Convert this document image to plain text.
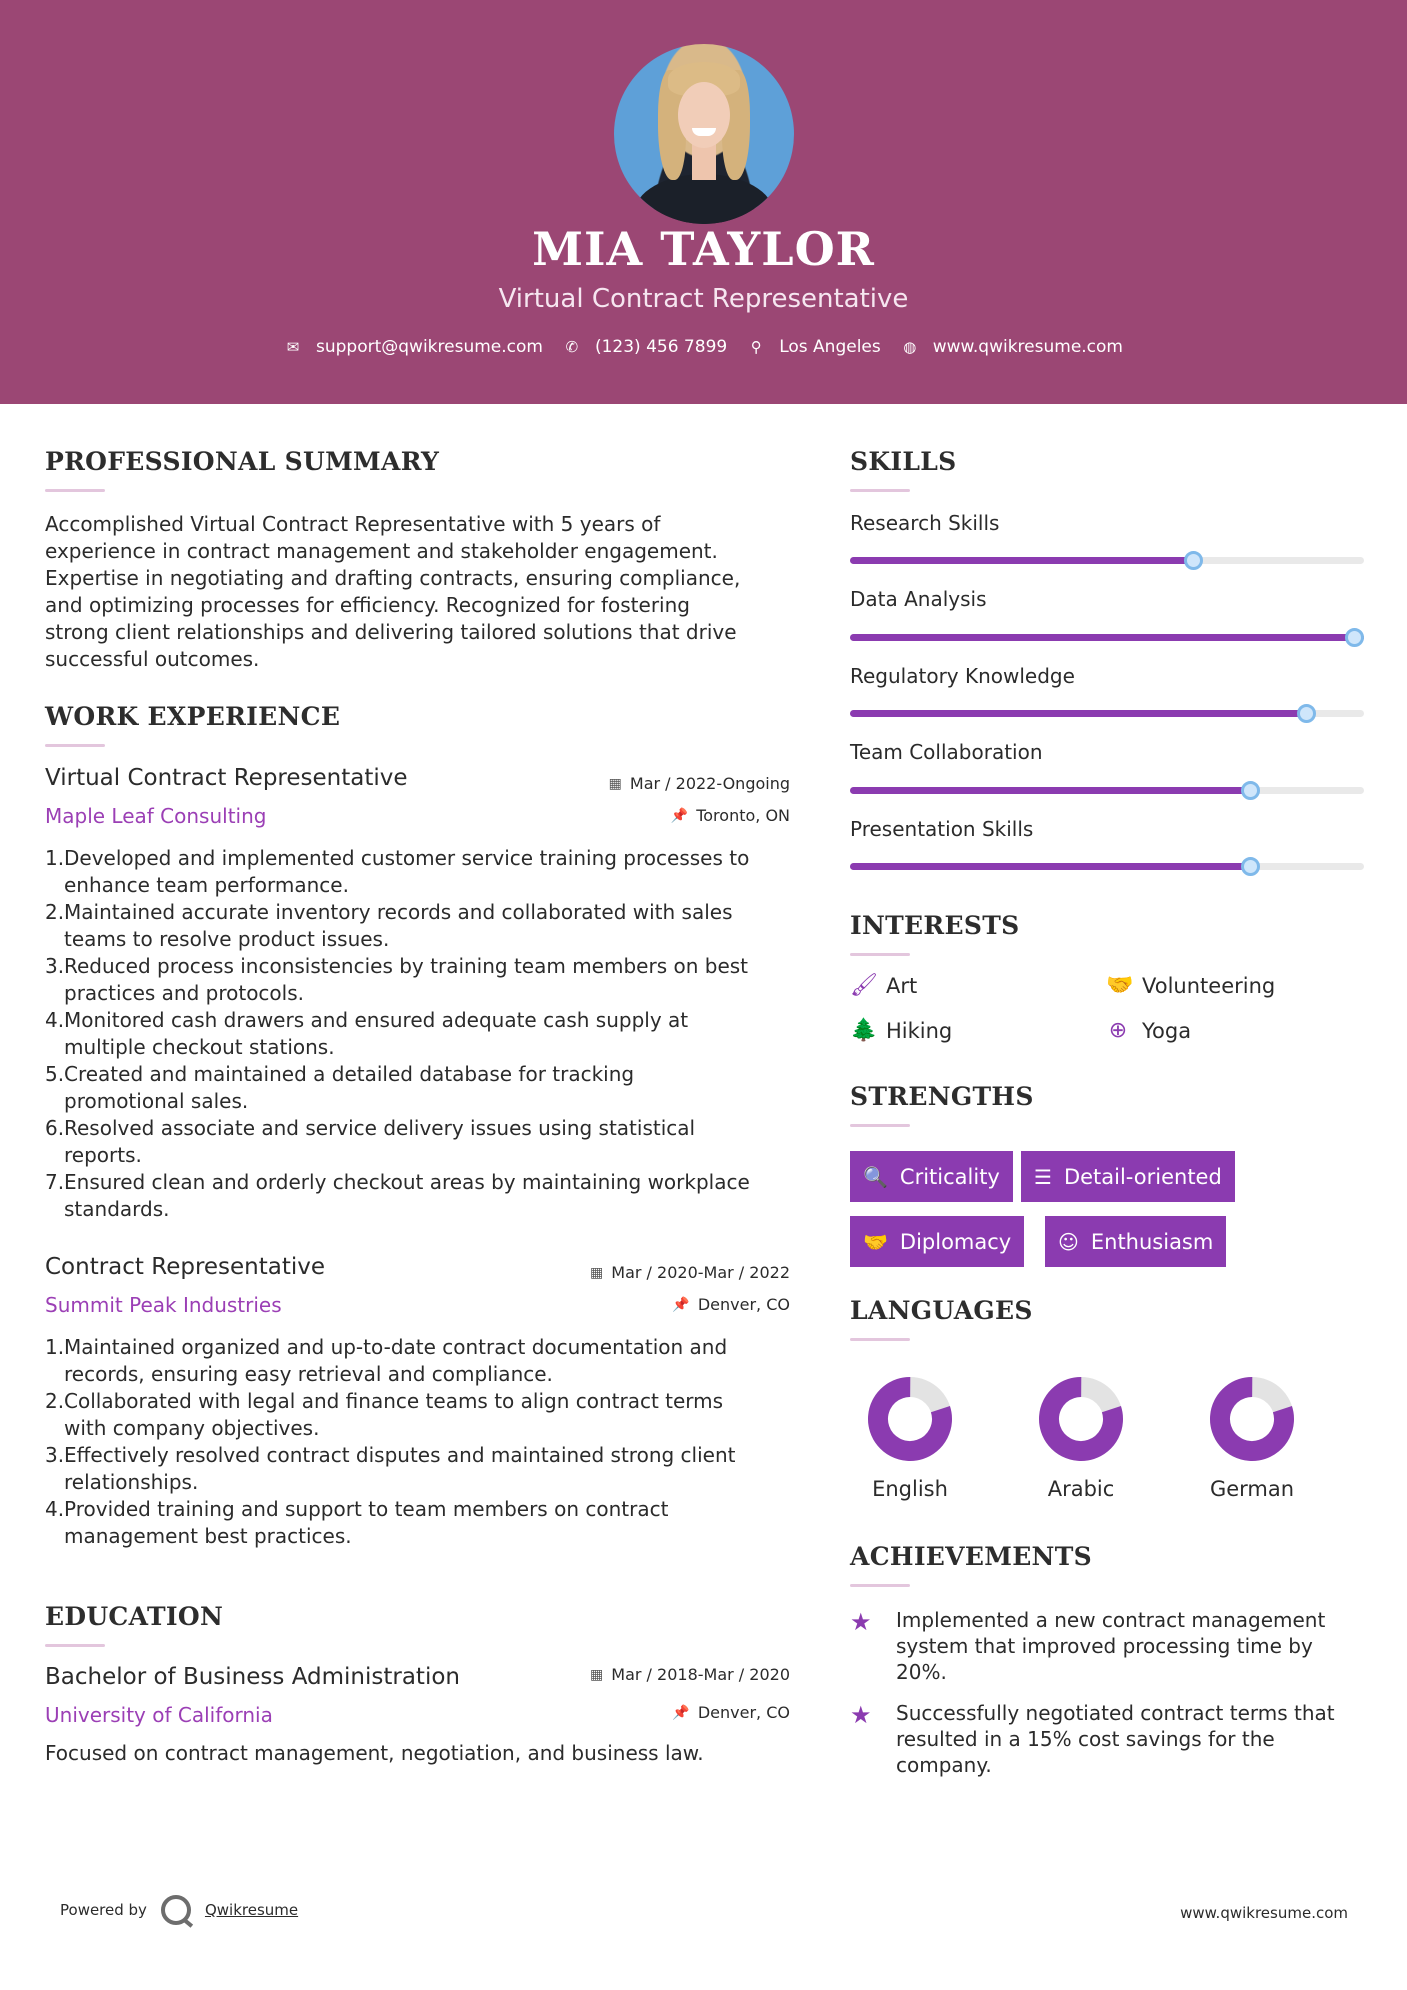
MIA TAYLOR
Virtual Contract Representative
✉ support@qwikresume.com ✆ (123) 456 7899 ⚲ Los Angeles ◍ www.qwikresume.com
PROFESSIONAL SUMMARY
Accomplished Virtual Contract Representative with 5 years of
experience in contract management and stakeholder engagement.
Expertise in negotiating and drafting contracts, ensuring compliance,
and optimizing processes for efficiency. Recognized for fostering
strong client relationships and delivering tailored solutions that drive
successful outcomes.
WORK EXPERIENCE
Virtual Contract Representative	▦ Mar / 2022-Ongoing
Maple Leaf Consulting	📌 Toronto, ON
1. Developed and implemented customer service training processes to
enhance team performance.
2. Maintained accurate inventory records and collaborated with sales
teams to resolve product issues.
3. Reduced process inconsistencies by training team members on best
practices and protocols.
4. Monitored cash drawers and ensured adequate cash supply at
multiple checkout stations.
5. Created and maintained a detailed database for tracking
promotional sales.
6. Resolved associate and service delivery issues using statistical
reports.
7. Ensured clean and orderly checkout areas by maintaining workplace
standards.
Contract Representative	▦ Mar / 2020-Mar / 2022
Summit Peak Industries	📌 Denver, CO
1. Maintained organized and up-to-date contract documentation and
records, ensuring easy retrieval and compliance.
2. Collaborated with legal and finance teams to align contract terms
with company objectives.
3. Effectively resolved contract disputes and maintained strong client
relationships.
4. Provided training and support to team members on contract
management best practices.
EDUCATION
Bachelor of Business Administration	▦ Mar / 2018-Mar / 2020
University of California	📌 Denver, CO
Focused on contract management, negotiation, and business law.
SKILLS
Research Skills
Data Analysis
Regulatory Knowledge
Team Collaboration
Presentation Skills
INTERESTS
🖌 Art	🤝 Volunteering
🌲 Hiking	⊕ Yoga
STRENGTHS
🔍 Criticality ☰ Detail-oriented
🤝 Diplomacy ☺ Enthusiasm
LANGUAGES
English	Arabic	German
ACHIEVEMENTS
★	Implemented a new contract management
system that improved processing time by
20%.
★	Successfully negotiated contract terms that
resulted in a 15% cost savings for the
company.
Powered by	Qwikresume	www.qwikresume.com
